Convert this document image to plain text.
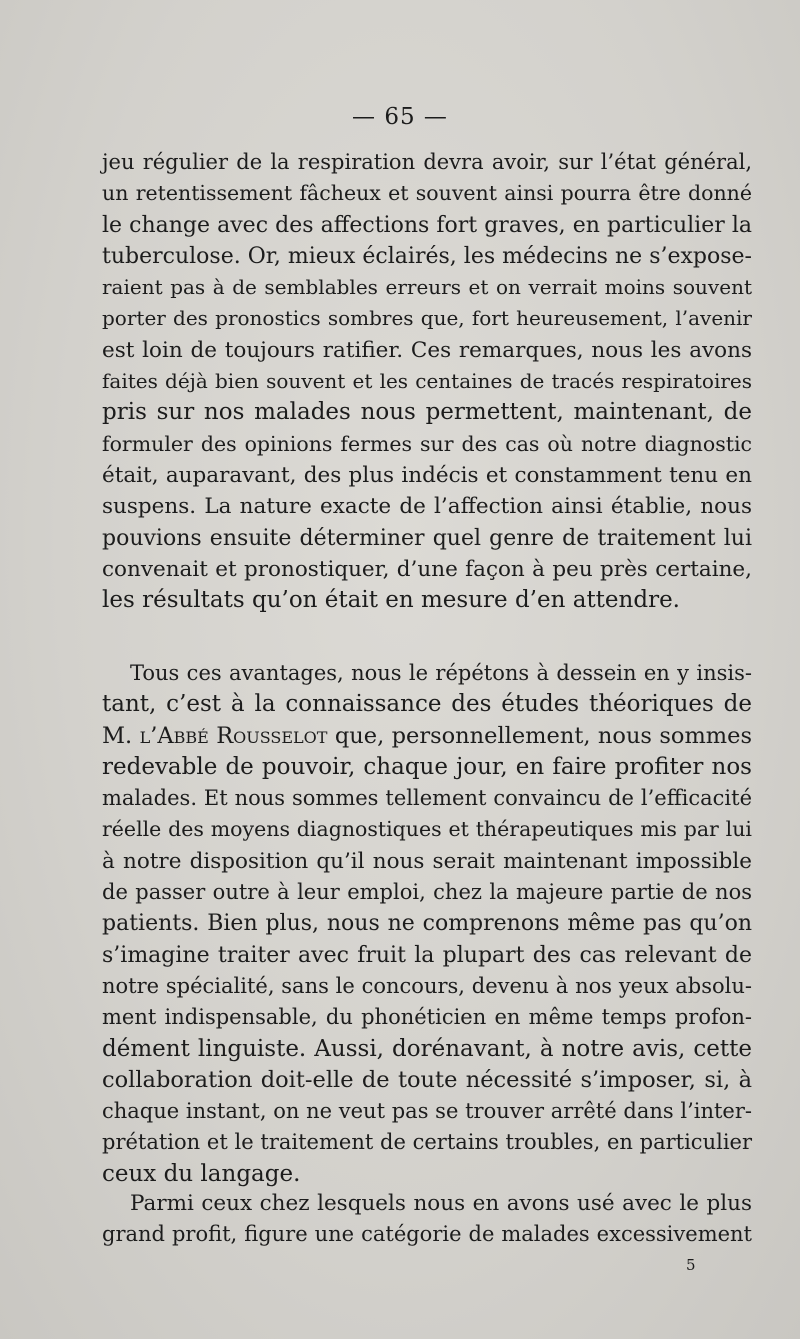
— 65 —
jeu régulier de la respiration devra avoir, sur l’état général,
un retentissement fâcheux et souvent ainsi pourra être donné
le change avec des affections fort graves, en particulier la
tuberculose. Or, mieux éclairés, les médecins ne s’expose-
raient pas à de semblables erreurs et on verrait moins souvent
porter des pronostics sombres que, fort heureusement, l’avenir
est loin de toujours ratifier. Ces remarques, nous les avons
faites déjà bien souvent et les centaines de tracés respiratoires
pris sur nos malades nous permettent, maintenant, de
formuler des opinions fermes sur des cas où notre diagnostic
était, auparavant, des plus indécis et constamment tenu en
suspens. La nature exacte de l’affection ainsi établie, nous
pouvions ensuite déterminer quel genre de traitement lui
convenait et pronostiquer, d’une façon à peu près certaine,
les résultats qu’on était en mesure d’en attendre.
Tous ces avantages, nous le répétons à dessein en y insis-
tant, c’est à la connaissance des études théoriques de
M. l’Abbé Rousselot que, personnellement, nous sommes
redevable de pouvoir, chaque jour, en faire profiter nos
malades. Et nous sommes tellement convaincu de l’efficacité
réelle des moyens diagnostiques et thérapeutiques mis par lui
à notre disposition qu’il nous serait maintenant impossible
de passer outre à leur emploi, chez la majeure partie de nos
patients. Bien plus, nous ne comprenons même pas qu’on
s’imagine traiter avec fruit la plupart des cas relevant de
notre spécialité, sans le concours, devenu à nos yeux absolu-
ment indispensable, du phonéticien en même temps profon-
dément linguiste. Aussi, dorénavant, à notre avis, cette
collaboration doit-elle de toute nécessité s’imposer, si, à
chaque instant, on ne veut pas se trouver arrêté dans l’inter-
prétation et le traitement de certains troubles, en particulier
ceux du langage.
Parmi ceux chez lesquels nous en avons usé avec le plus
grand profit, figure une catégorie de malades excessivement
5
